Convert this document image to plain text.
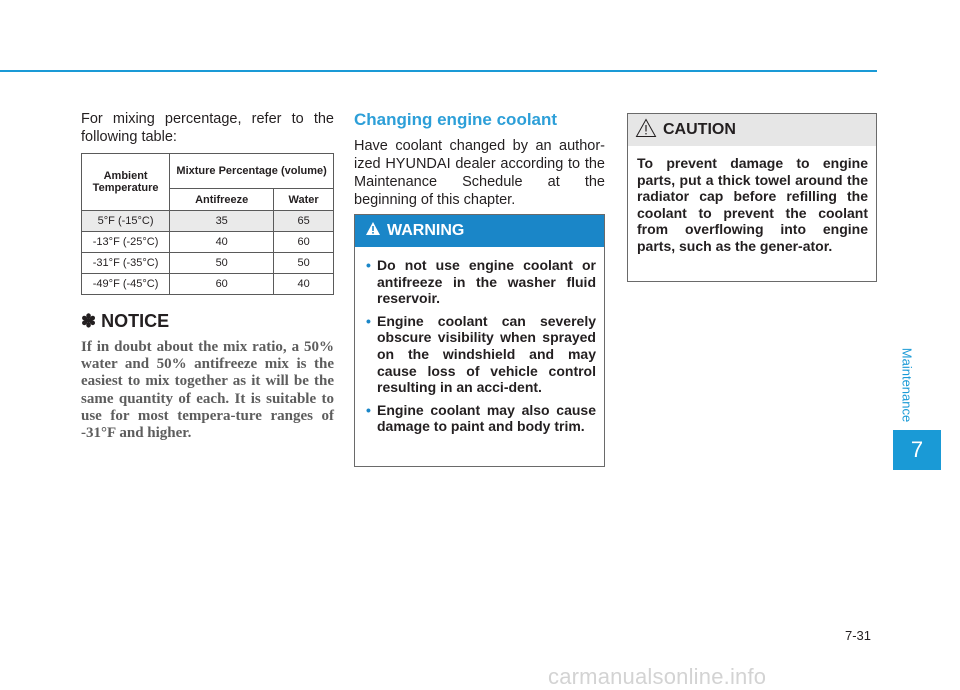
For mixing percentage, refer to the following table:
Ambient Temperature	Mixture Percentage (volume)	
	Antifreeze	Water
5°F (-15°C)	35	65
-13°F (-25°C)	40	60
-31°F (-35°C)	50	50
-49°F (-45°C)	60	40
✽ NOTICE
If in doubt about the mix ratio, a 50% water and 50% antifreeze mix is the easiest to mix together as it will be the same quantity of each. It is suitable to use for most tempera-ture ranges of -31°F and higher.
Changing engine coolant
Have coolant changed by an author-ized HYUNDAI dealer according to the Maintenance Schedule at the beginning of this chapter.
WARNING
• Do not use engine coolant or antifreeze in the washer fluid reservoir.
• Engine coolant can severely obscure visibility when sprayed on the windshield and may cause loss of vehicle control resulting in an acci-dent.
• Engine coolant may also cause damage to paint and body trim.
CAUTION
To prevent damage to engine parts, put a thick towel around the radiator cap before refilling the coolant to prevent the coolant from overflowing into engine parts, such as the gener-ator.
Maintenance
7
7-31
carmanualsonline.info
